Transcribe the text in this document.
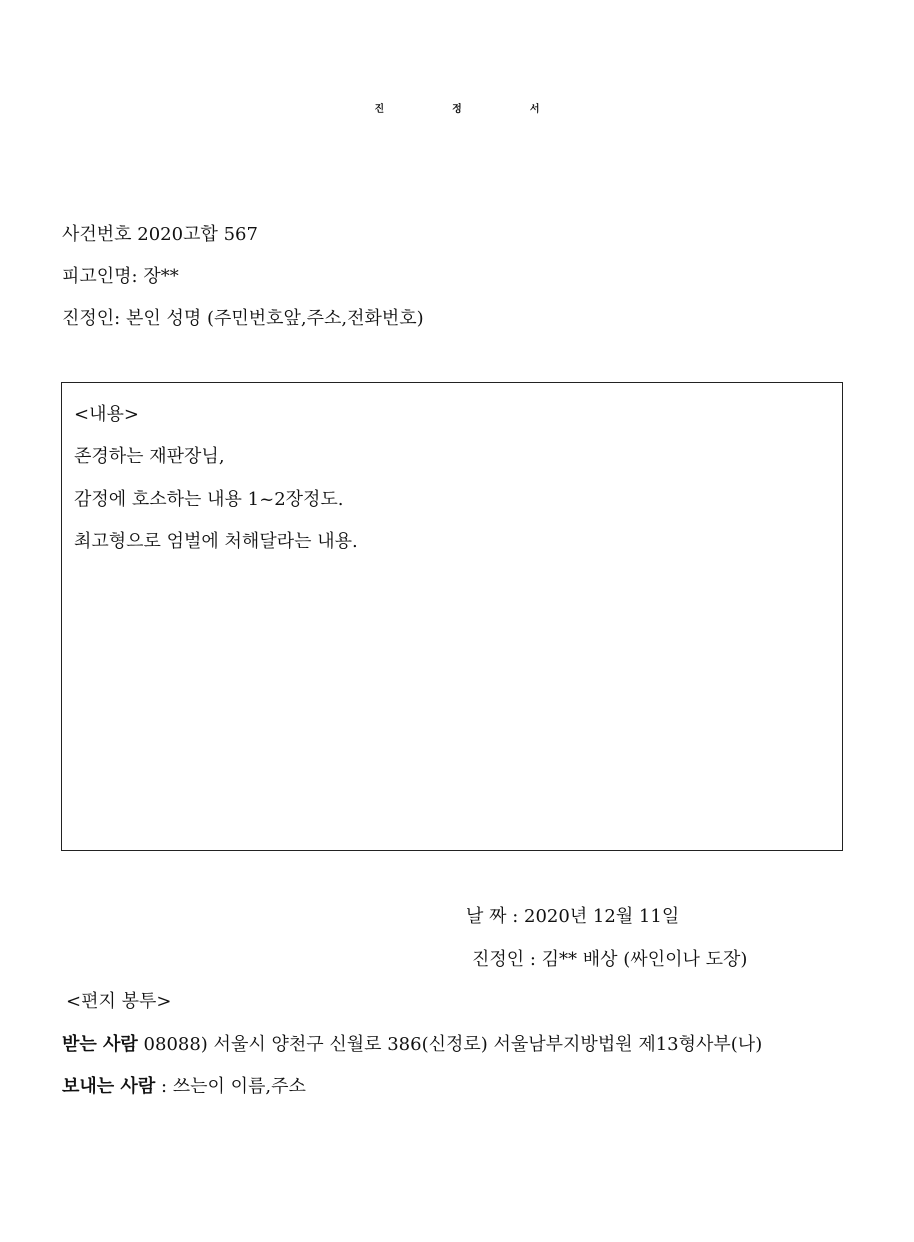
진	정	서
사건번호 2020고합 567
피고인명: 장**
진정인: 본인 성명 (주민번호앞,주소,전화번호)
<내용>
존경하는 재판장님,
감정에 호소하는 내용 1~2장정도.
최고형으로 엄벌에 처해달라는 내용.
날 짜 : 2020년 12월 11일
진정인 : 김** 배상 (싸인이나 도장)
<편지 봉투>
받는 사람 08088) 서울시 양천구 신월로 386(신정로) 서울남부지방법원 제13형사부(나)
보내는 사람 : 쓰는이 이름,주소
